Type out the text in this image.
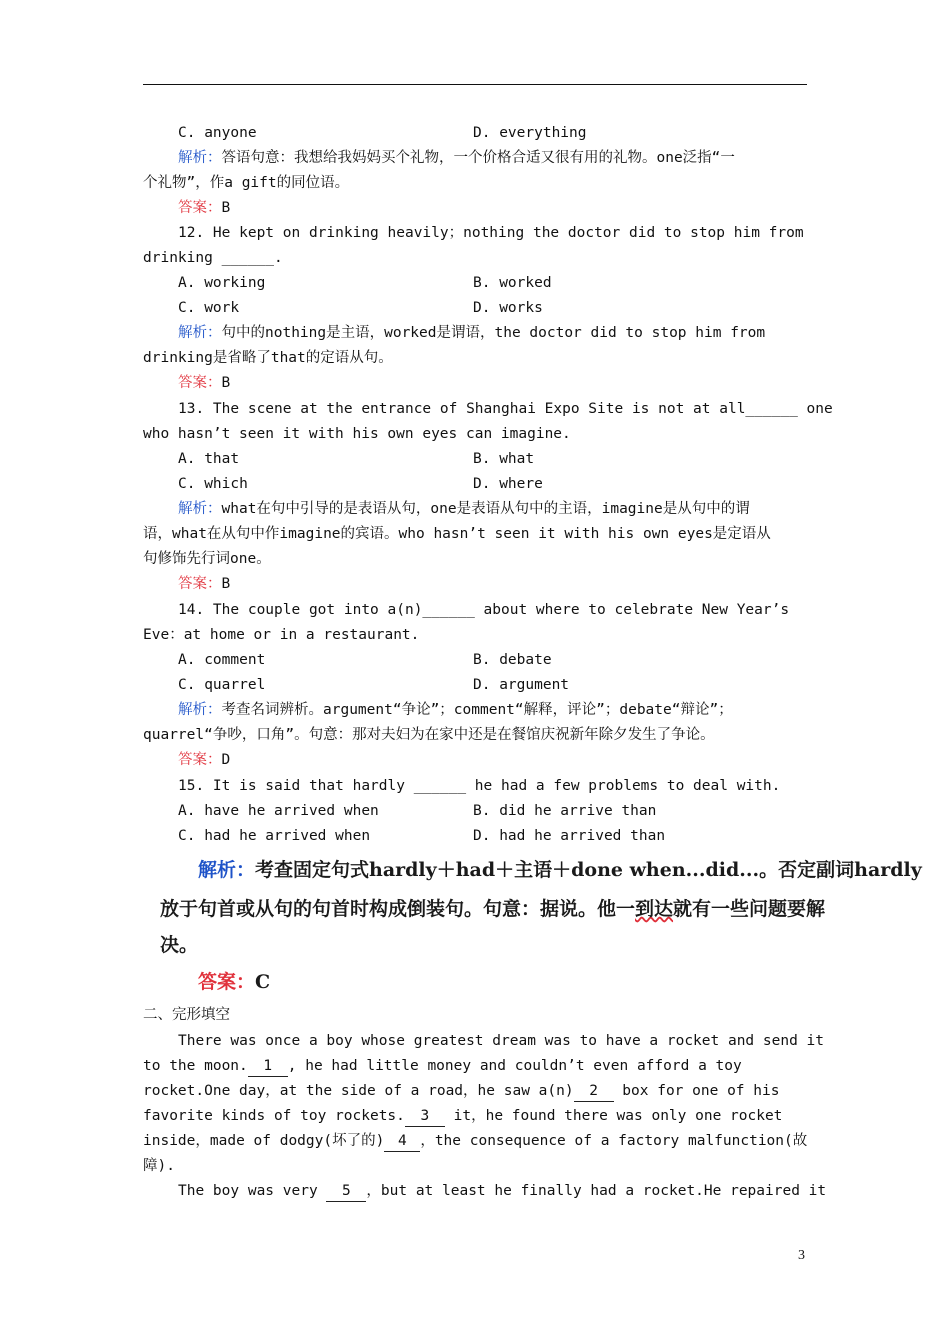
C. anyone	D. everything
解析：答语句意：我想给我妈妈买个礼物，一个价格合适又很有用的礼物。one泛指“一
个礼物”，作a gift的同位语。
答案：B
12. He kept on drinking heavily；nothing the doctor did to stop him from
drinking ______.
A. working	B. worked
C. work	D. works
解析：句中的nothing是主语，worked是谓语，the doctor did to stop him from
drinking是省略了that的定语从句。
答案：B
13. The scene at the entrance of Shanghai Expo Site is not at all______ one
who hasn’t seen it with his own eyes can imagine.
A. that	B. what
C. which	D. where
解析：what在句中引导的是表语从句，one是表语从句中的主语，imagine是从句中的谓
语，what在从句中作imagine的宾语。who hasn’t seen it with his own eyes是定语从
句修饰先行词one。
答案：B
14. The couple got into a(n)______ about where to celebrate New Year’s
Eve：at home or in a restaurant.
A. comment	B. debate
C. quarrel	D. argument
解析：考查名词辨析。argument“争论”；comment“解释，评论”；debate“辩论”；
quarrel“争吵，口角”。句意：那对夫妇为在家中还是在餐馆庆祝新年除夕发生了争论。
答案：D
15. It is said that hardly ______ he had a few problems to deal with.
A. have he arrived when	B. did he arrive than
C. had he arrived when	D. had he arrived than
解析：考查固定句式hardly＋had＋主语＋done when...did...。否定副词hardly
放于句首或从句的句首时构成倒装句。句意：据说。他一到达就有一些问题要解
决。
答案：C
二、完形填空
There was once a boy whose greatest dream was to have a rocket and send it
to the moon. 1 , he had little money and couldn’t even afford a toy
rocket.One day，at the side of a road，he saw a(n) 2 box for one of his
favorite kinds of toy rockets. 3 it，he found there was only one rocket
inside，made of dodgy(坏了的) 4 ，the consequence of a factory malfunction(故
障).
The boy was very 5 ，but at least he finally had a rocket.He repaired it
3
